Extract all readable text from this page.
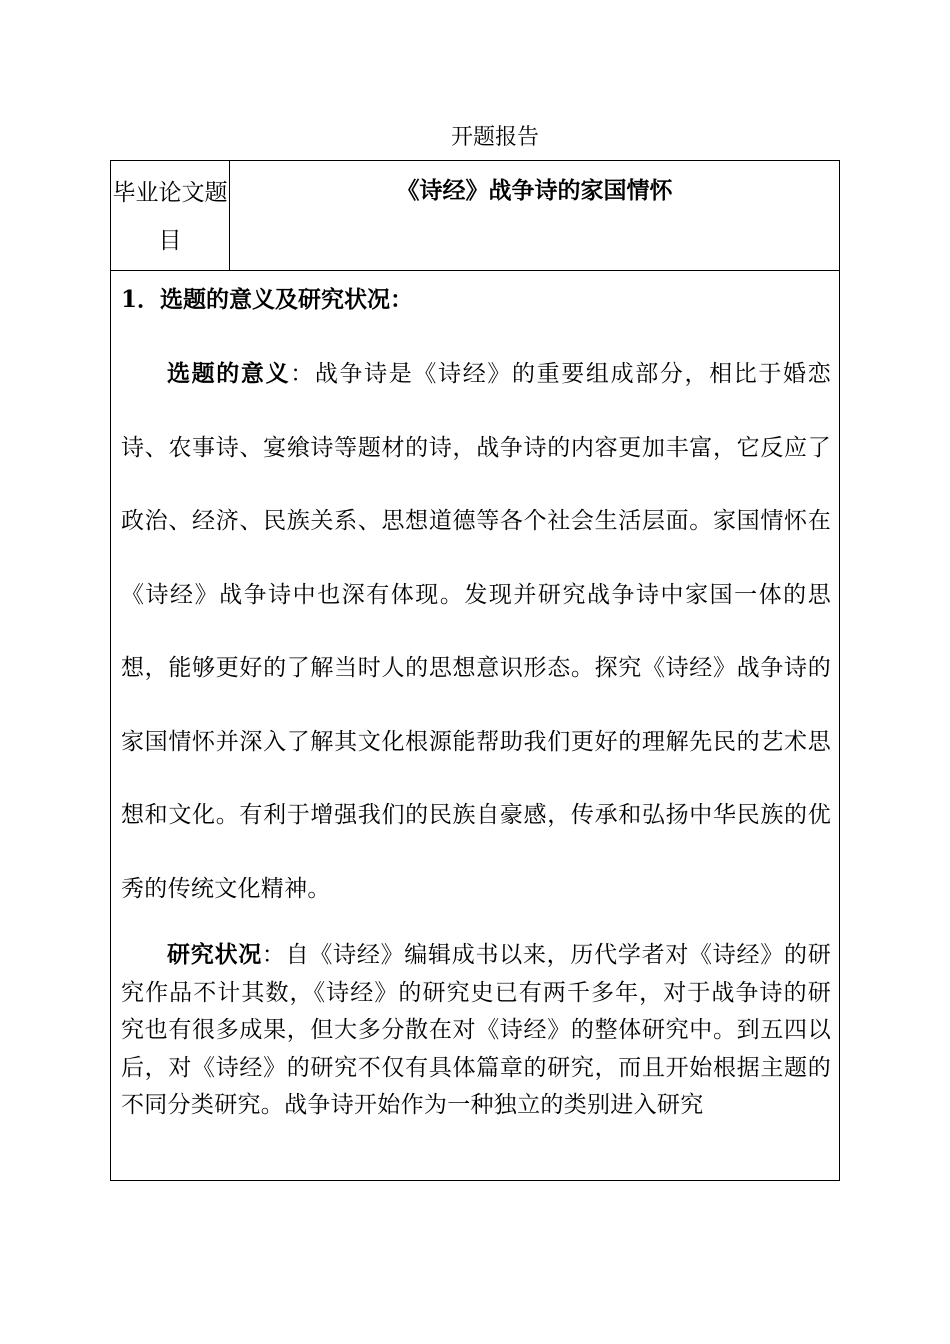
开题报告
毕业论文题
目
《诗经》战争诗的家国情怀
1．选题的意义及研究状况：
选题的意义：战争诗是《诗经》的重要组成部分，相比于婚恋诗、农事诗、宴飨诗等题材的诗，战争诗的内容更加丰富，它反应了政治、经济、民族关系、思想道德等各个社会生活层面。家国情怀在《诗经》战争诗中也深有体现。发现并研究战争诗中家国一体的思想，能够更好的了解当时人的思想意识形态。探究《诗经》战争诗的家国情怀并深入了解其文化根源能帮助我们更好的理解先民的艺术思想和文化。有利于增强我们的民族自豪感，传承和弘扬中华民族的优秀的传统文化精神。
研究状况：自《诗经》编辑成书以来，历代学者对《诗经》的研究作品不计其数，《诗经》的研究史已有两千多年，对于战争诗的研究也有很多成果，但大多分散在对《诗经》的整体研究中。到五四以后，对《诗经》的研究不仅有具体篇章的研究，而且开始根据主题的不同分类研究。战争诗开始作为一种独立的类别进入研究
